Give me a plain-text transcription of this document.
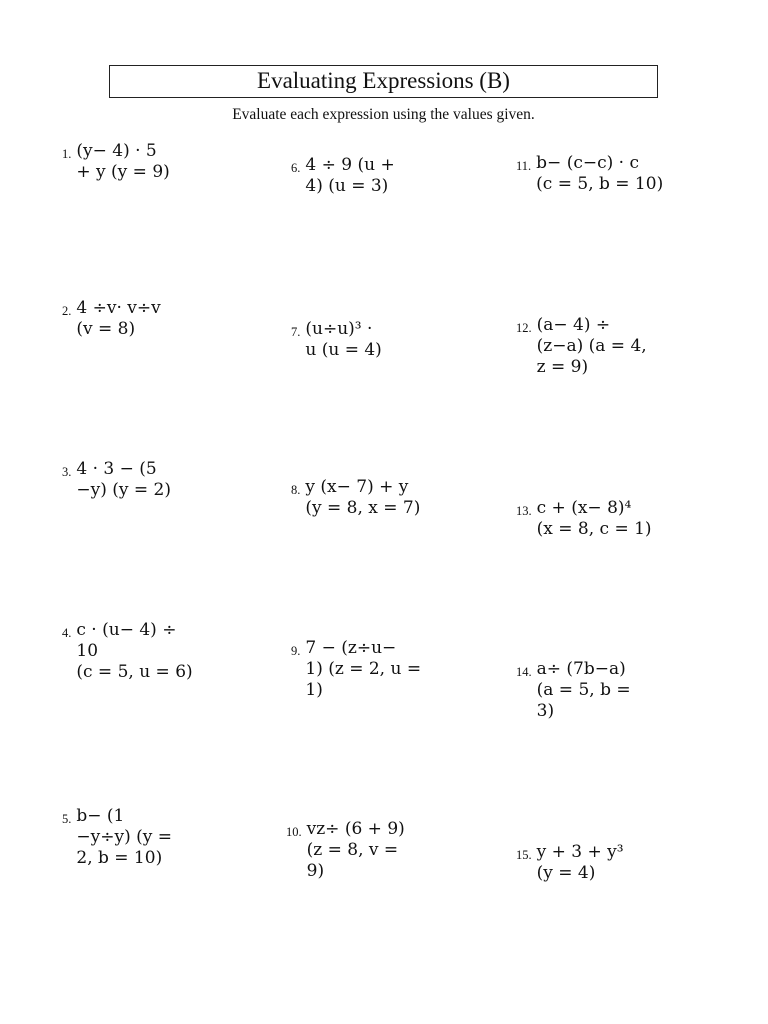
Evaluating Expressions (B)
Evaluate each expression using the values given.
1. (y− 4) · 5
+ y (y = 9)
2. 4 ÷v· v÷v
(v = 8)
3. 4 · 3 − (5
−y) (y = 2)
4. c · (u− 4) ÷
10
(c = 5, u = 6)
5. b− (1
−y÷y) (y =
2, b = 10)
6. 4 ÷ 9 (u +
4) (u = 3)
7. (u÷u)³ ·
u (u = 4)
8. y (x− 7) + y
(y = 8, x = 7)
9. 7 − (z÷u−
1) (z = 2, u =
1)
10. vz÷ (6 + 9)
(z = 8, v =
9)
11. b− (c−c) · c
(c = 5, b = 10)
12. (a− 4) ÷
(z−a) (a = 4,
z = 9)
13. c + (x− 8)⁴
(x = 8, c = 1)
14. a÷ (7b−a)
(a = 5, b =
3)
15. y + 3 + y³
(y = 4)
